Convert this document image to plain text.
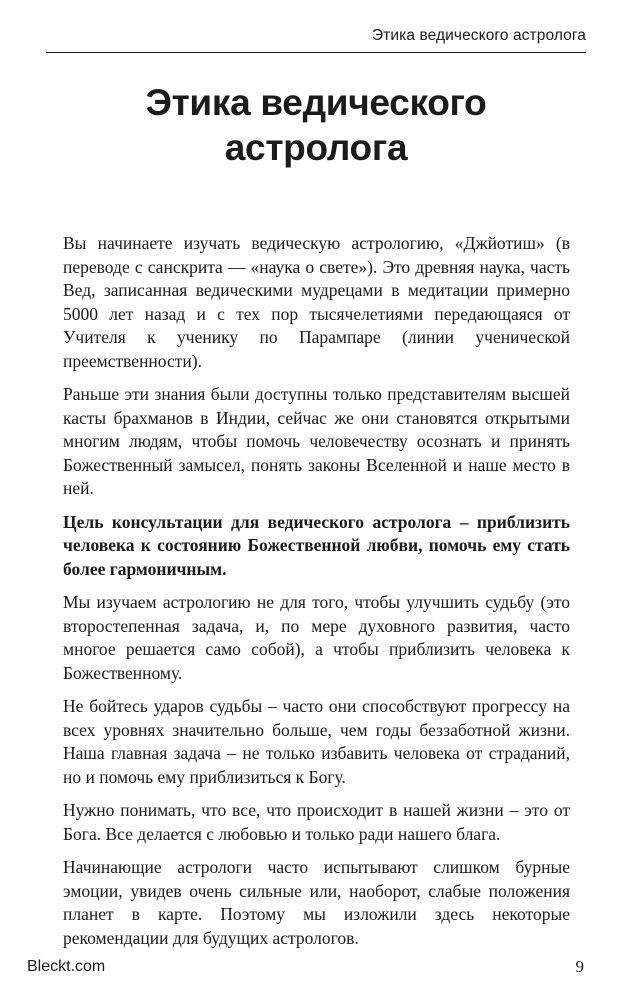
Этика ведического астролога
Этика ведического
астролога

Вы начинаете изучать ведическую астрологию, «Джйотиш» (в переводе с санскрита — «наука о свете»). Это древняя наука, часть Вед, записанная ведическими мудрецами в медитации примерно 5000 лет назад и с тех пор тысячелетиями передающаяся от Учителя к ученику по Парампаре (линии ученической преемственности).

Раньше эти знания были доступны только представителям высшей касты брахманов в Индии, сейчас же они становятся открытыми многим людям, чтобы помочь человечеству осознать и принять Божественный замысел, понять законы Вселенной и наше место в ней.

Цель консультации для ведического астролога – приблизить человека к состоянию Божественной любви, помочь ему стать более гармоничным.

Мы изучаем астрологию не для того, чтобы улучшить судьбу (это второстепенная задача, и, по мере духовного развития, часто многое решается само собой), а чтобы приблизить человека к Божественному.

Не бойтесь ударов судьбы – часто они способствуют прогрессу на всех уровнях значительно больше, чем годы беззаботной жизни. Наша главная задача – не только избавить человека от страданий, но и помочь ему приблизиться к Богу.

Нужно понимать, что все, что происходит в нашей жизни – это от Бога. Все делается с любовью и только ради нашего блага.

Начинающие астрологи часто испытывают слишком бурные эмоции, увидев очень сильные или, наоборот, слабые положения планет в карте. Поэтому мы изложили здесь некоторые рекомендации для будущих астрологов.

Bleckt.com	9
